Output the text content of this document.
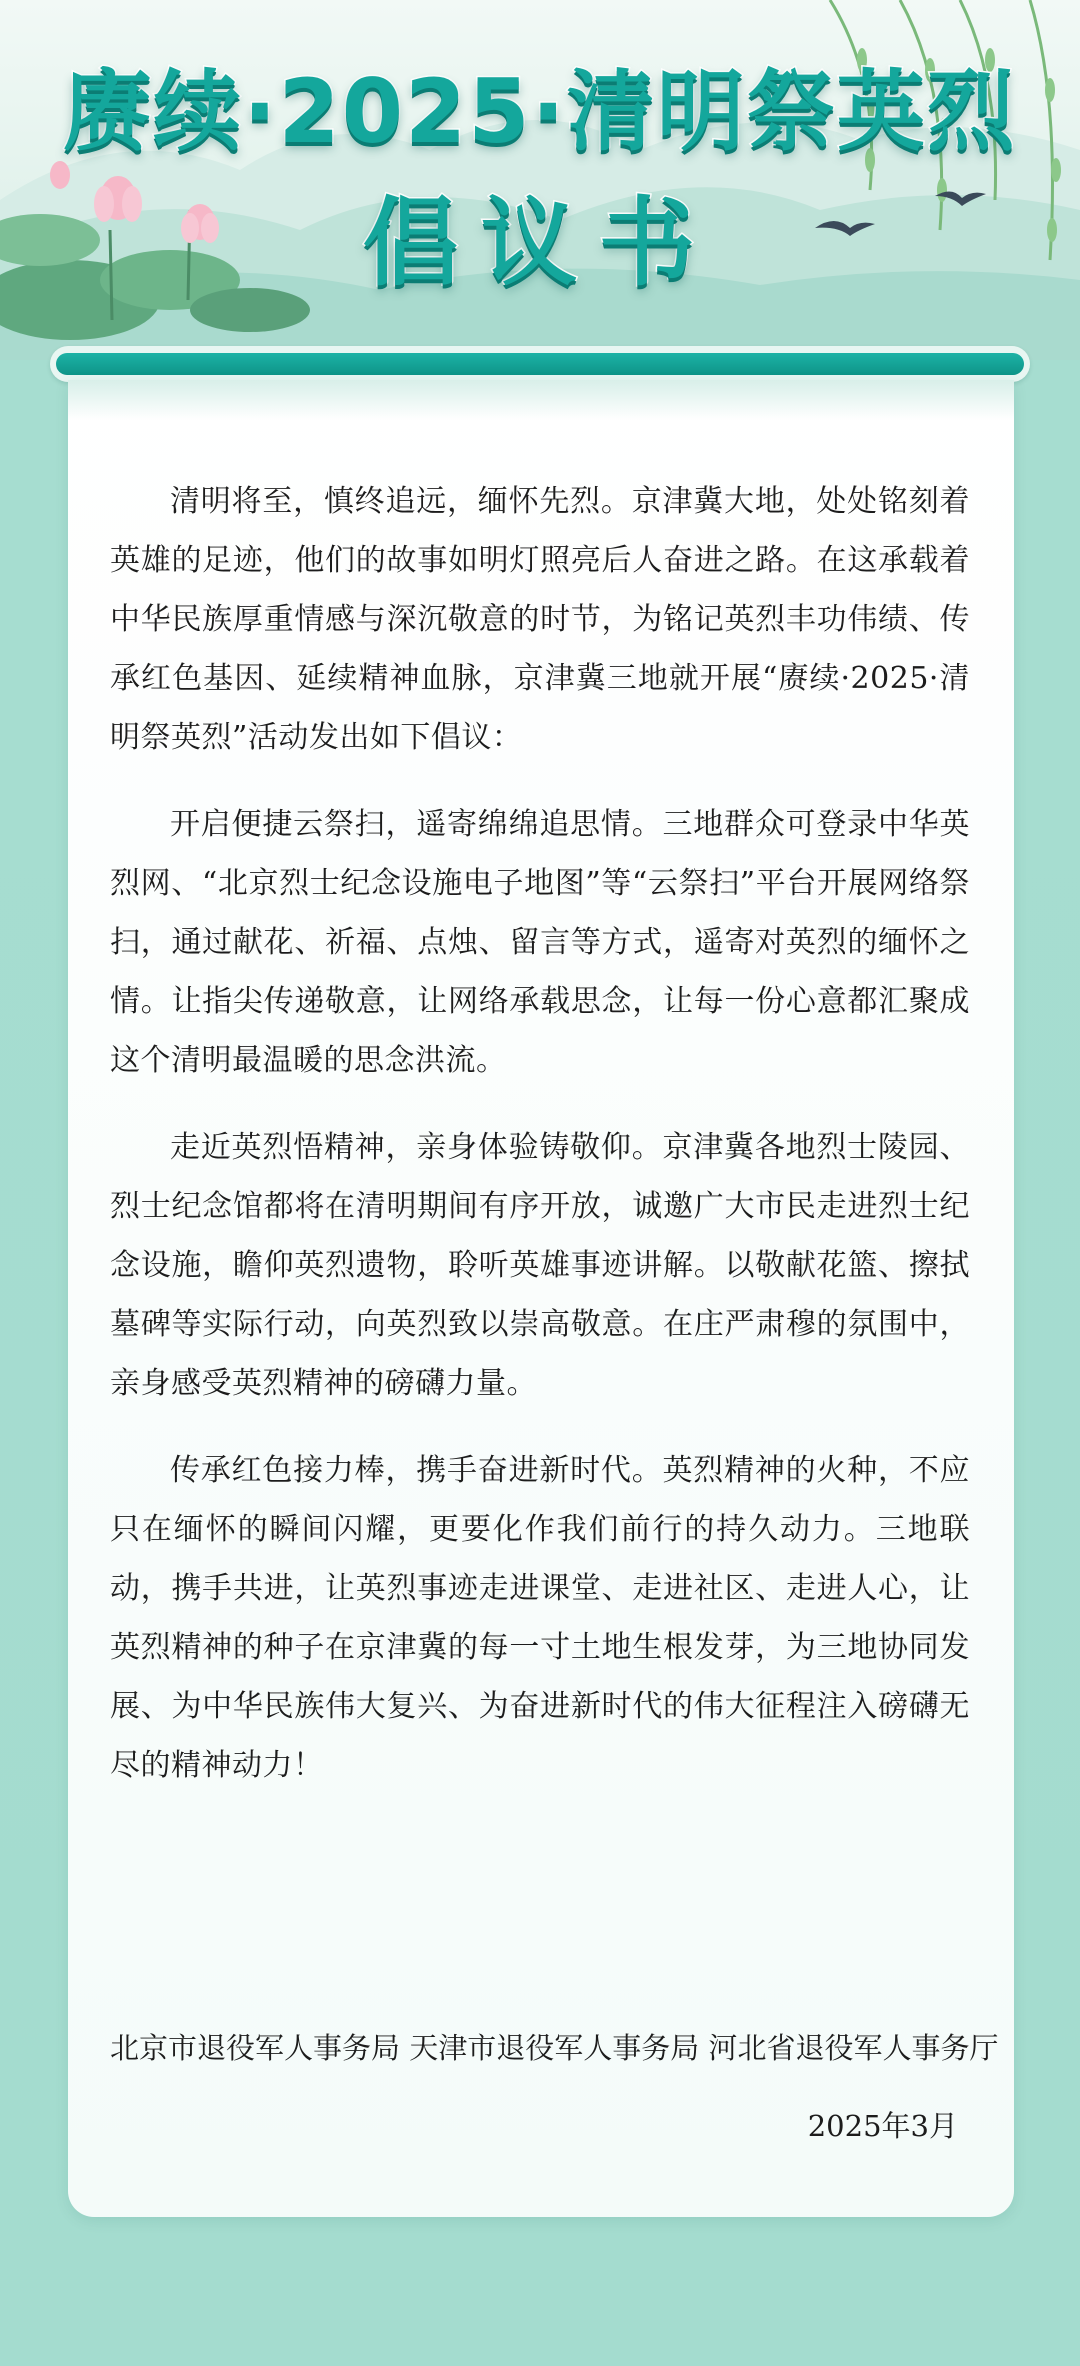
赓续·2025·清明祭英烈
倡议书

清明将至，慎终追远，缅怀先烈。京津冀大地，处处铭刻着英雄的足迹，他们的故事如明灯照亮后人奋进之路。在这承载着中华民族厚重情感与深沉敬意的时节，为铭记英烈丰功伟绩、传承红色基因、延续精神血脉，京津冀三地就开展“赓续·2025·清明祭英烈”活动发出如下倡议：

开启便捷云祭扫，遥寄绵绵追思情。三地群众可登录中华英烈网、“北京烈士纪念设施电子地图”等“云祭扫”平台开展网络祭扫，通过献花、祈福、点烛、留言等方式，遥寄对英烈的缅怀之情。让指尖传递敬意，让网络承载思念，让每一份心意都汇聚成这个清明最温暖的思念洪流。

走近英烈悟精神，亲身体验铸敬仰。京津冀各地烈士陵园、烈士纪念馆都将在清明期间有序开放，诚邀广大市民走进烈士纪念设施，瞻仰英烈遗物，聆听英雄事迹讲解。以敬献花篮、擦拭墓碑等实际行动，向英烈致以崇高敬意。在庄严肃穆的氛围中，亲身感受英烈精神的磅礴力量。

传承红色接力棒，携手奋进新时代。英烈精神的火种，不应只在缅怀的瞬间闪耀，更要化作我们前行的持久动力。三地联动，携手共进，让英烈事迹走进课堂、走进社区、走进人心，让英烈精神的种子在京津冀的每一寸土地生根发芽，为三地协同发展、为中华民族伟大复兴、为奋进新时代的伟大征程注入磅礴无尽的精神动力！

北京市退役军人事务局 天津市退役军人事务局 河北省退役军人事务厅
2025年3月
